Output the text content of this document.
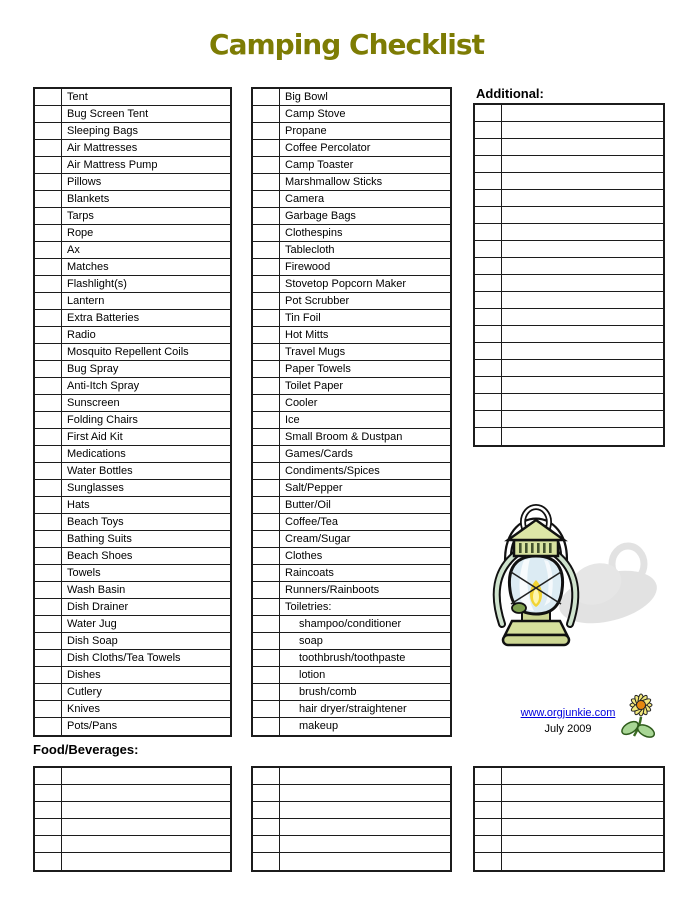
Camping Checklist
Tent
Bug Screen Tent
Sleeping Bags
Air Mattresses
Air Mattress Pump
Pillows
Blankets
Tarps
Rope
Ax
Matches
Flashlight(s)
Lantern
Extra Batteries
Radio
Mosquito Repellent Coils
Bug Spray
Anti-Itch Spray
Sunscreen
Folding Chairs
First Aid Kit
Medications
Water Bottles
Sunglasses
Hats
Beach Toys
Bathing Suits
Beach Shoes
Towels
Wash Basin
Dish Drainer
Water Jug
Dish Soap
Dish Cloths/Tea Towels
Dishes
Cutlery
Knives
Pots/Pans
Big Bowl
Camp Stove
Propane
Coffee Percolator
Camp Toaster
Marshmallow Sticks
Camera
Garbage Bags
Clothespins
Tablecloth
Firewood
Stovetop Popcorn Maker
Pot Scrubber
Tin Foil
Hot Mitts
Travel Mugs
Paper Towels
Toilet Paper
Cooler
Ice
Small Broom & Dustpan
Games/Cards
Condiments/Spices
Salt/Pepper
Butter/Oil
Coffee/Tea
Cream/Sugar
Clothes
Raincoats
Runners/Rainboots
Toiletries:
shampoo/conditioner
soap
toothbrush/toothpaste
lotion
brush/comb
hair dryer/straightener
makeup
Additional:
www.orgjunkie.com
July 2009
Food/Beverages:
